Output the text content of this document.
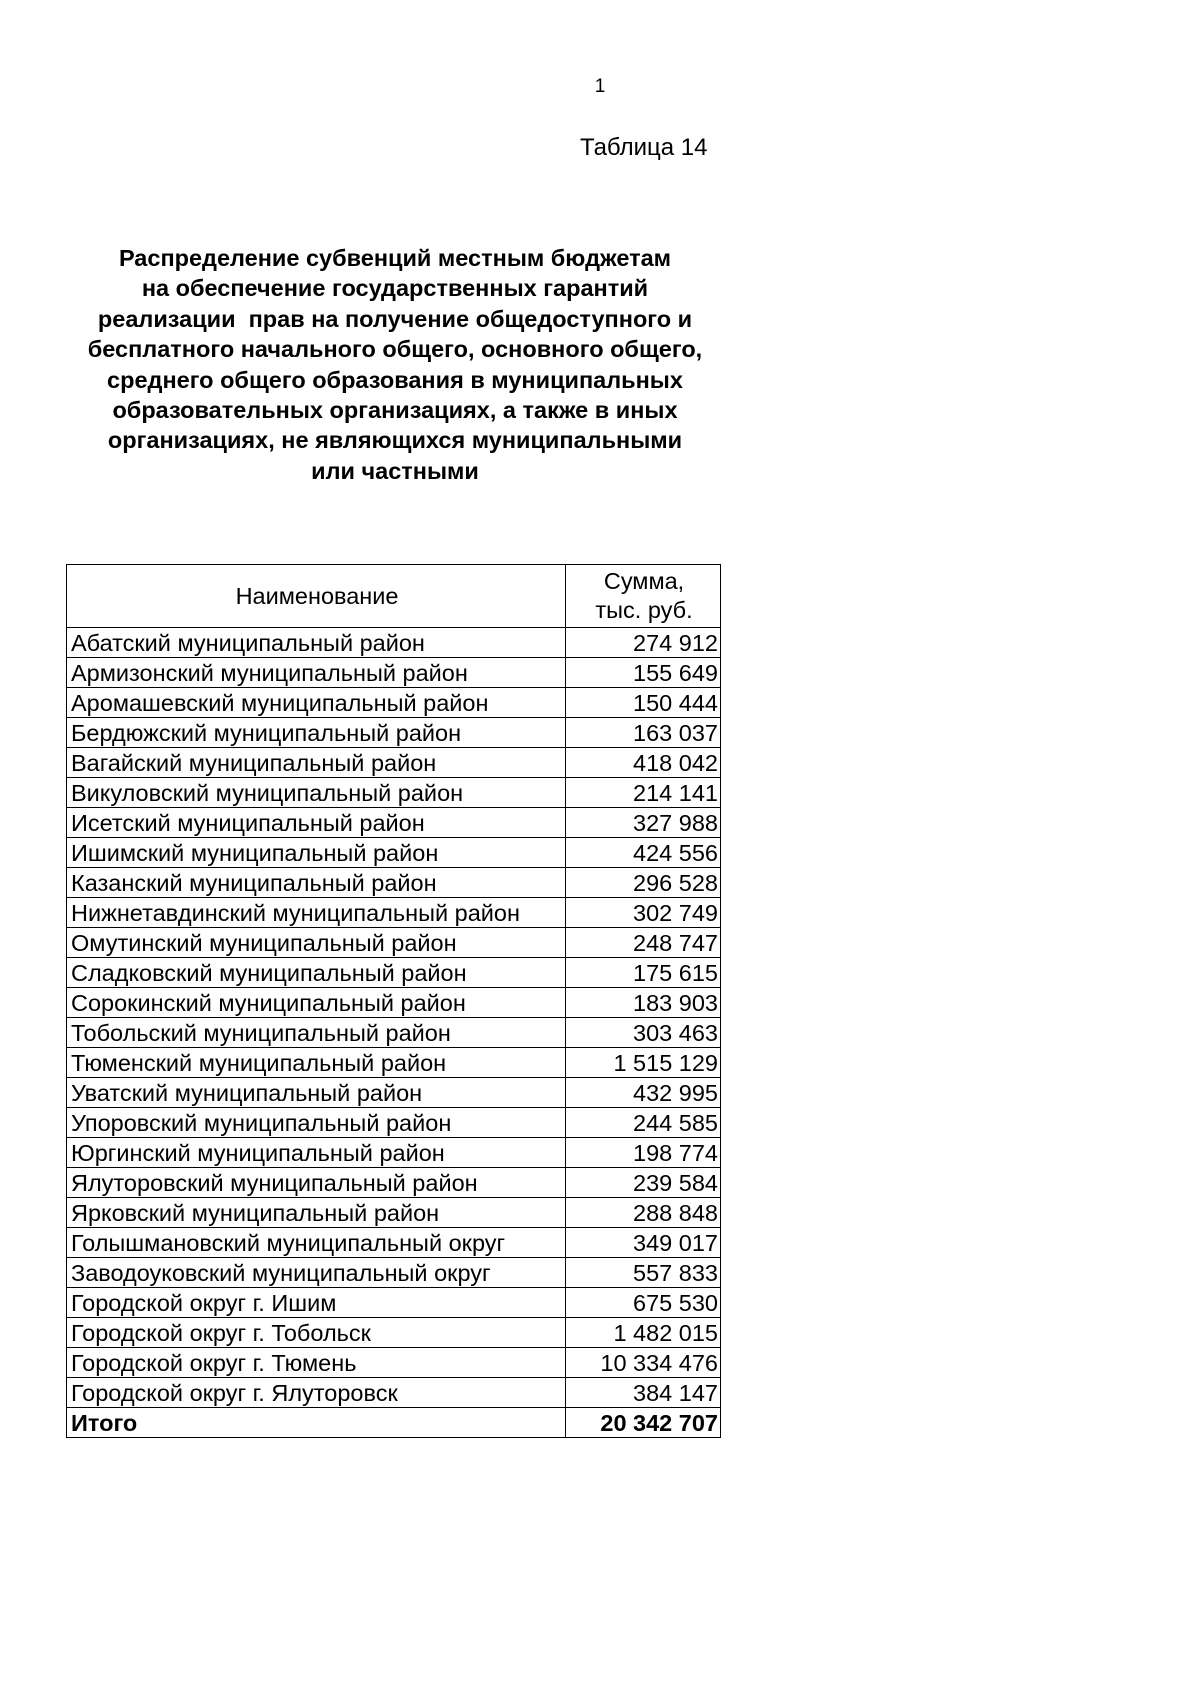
1
Таблица 14
Распределение субвенций местным бюджетам
на обеспечение государственных гарантий
реализации  прав на получение общедоступного и
бесплатного начального общего, основного общего,
среднего общего образования в муниципальных
образовательных организациях, а также в иных
организациях, не являющихся муниципальными
или частными
Наименование	Сумма,
тыс. руб.
Абатский муниципальный район	274 912
Армизонский муниципальный район	155 649
Аромашевский муниципальный район	150 444
Бердюжский муниципальный район	163 037
Вагайский муниципальный район	418 042
Викуловский муниципальный район	214 141
Исетский муниципальный район	327 988
Ишимский муниципальный район	424 556
Казанский муниципальный район	296 528
Нижнетавдинский муниципальный район	302 749
Омутинский муниципальный район	248 747
Сладковский муниципальный район	175 615
Сорокинский муниципальный район	183 903
Тобольский муниципальный район	303 463
Тюменский муниципальный район	1 515 129
Уватский муниципальный район	432 995
Упоровский муниципальный район	244 585
Юргинский муниципальный район	198 774
Ялуторовский муниципальный район	239 584
Ярковский муниципальный район	288 848
Голышмановский муниципальный округ	349 017
Заводоуковский муниципальный округ	557 833
Городской округ г. Ишим	675 530
Городской округ г. Тобольск	1 482 015
Городской округ г. Тюмень	10 334 476
Городской округ г. Ялуторовск	384 147
Итого	20 342 707
